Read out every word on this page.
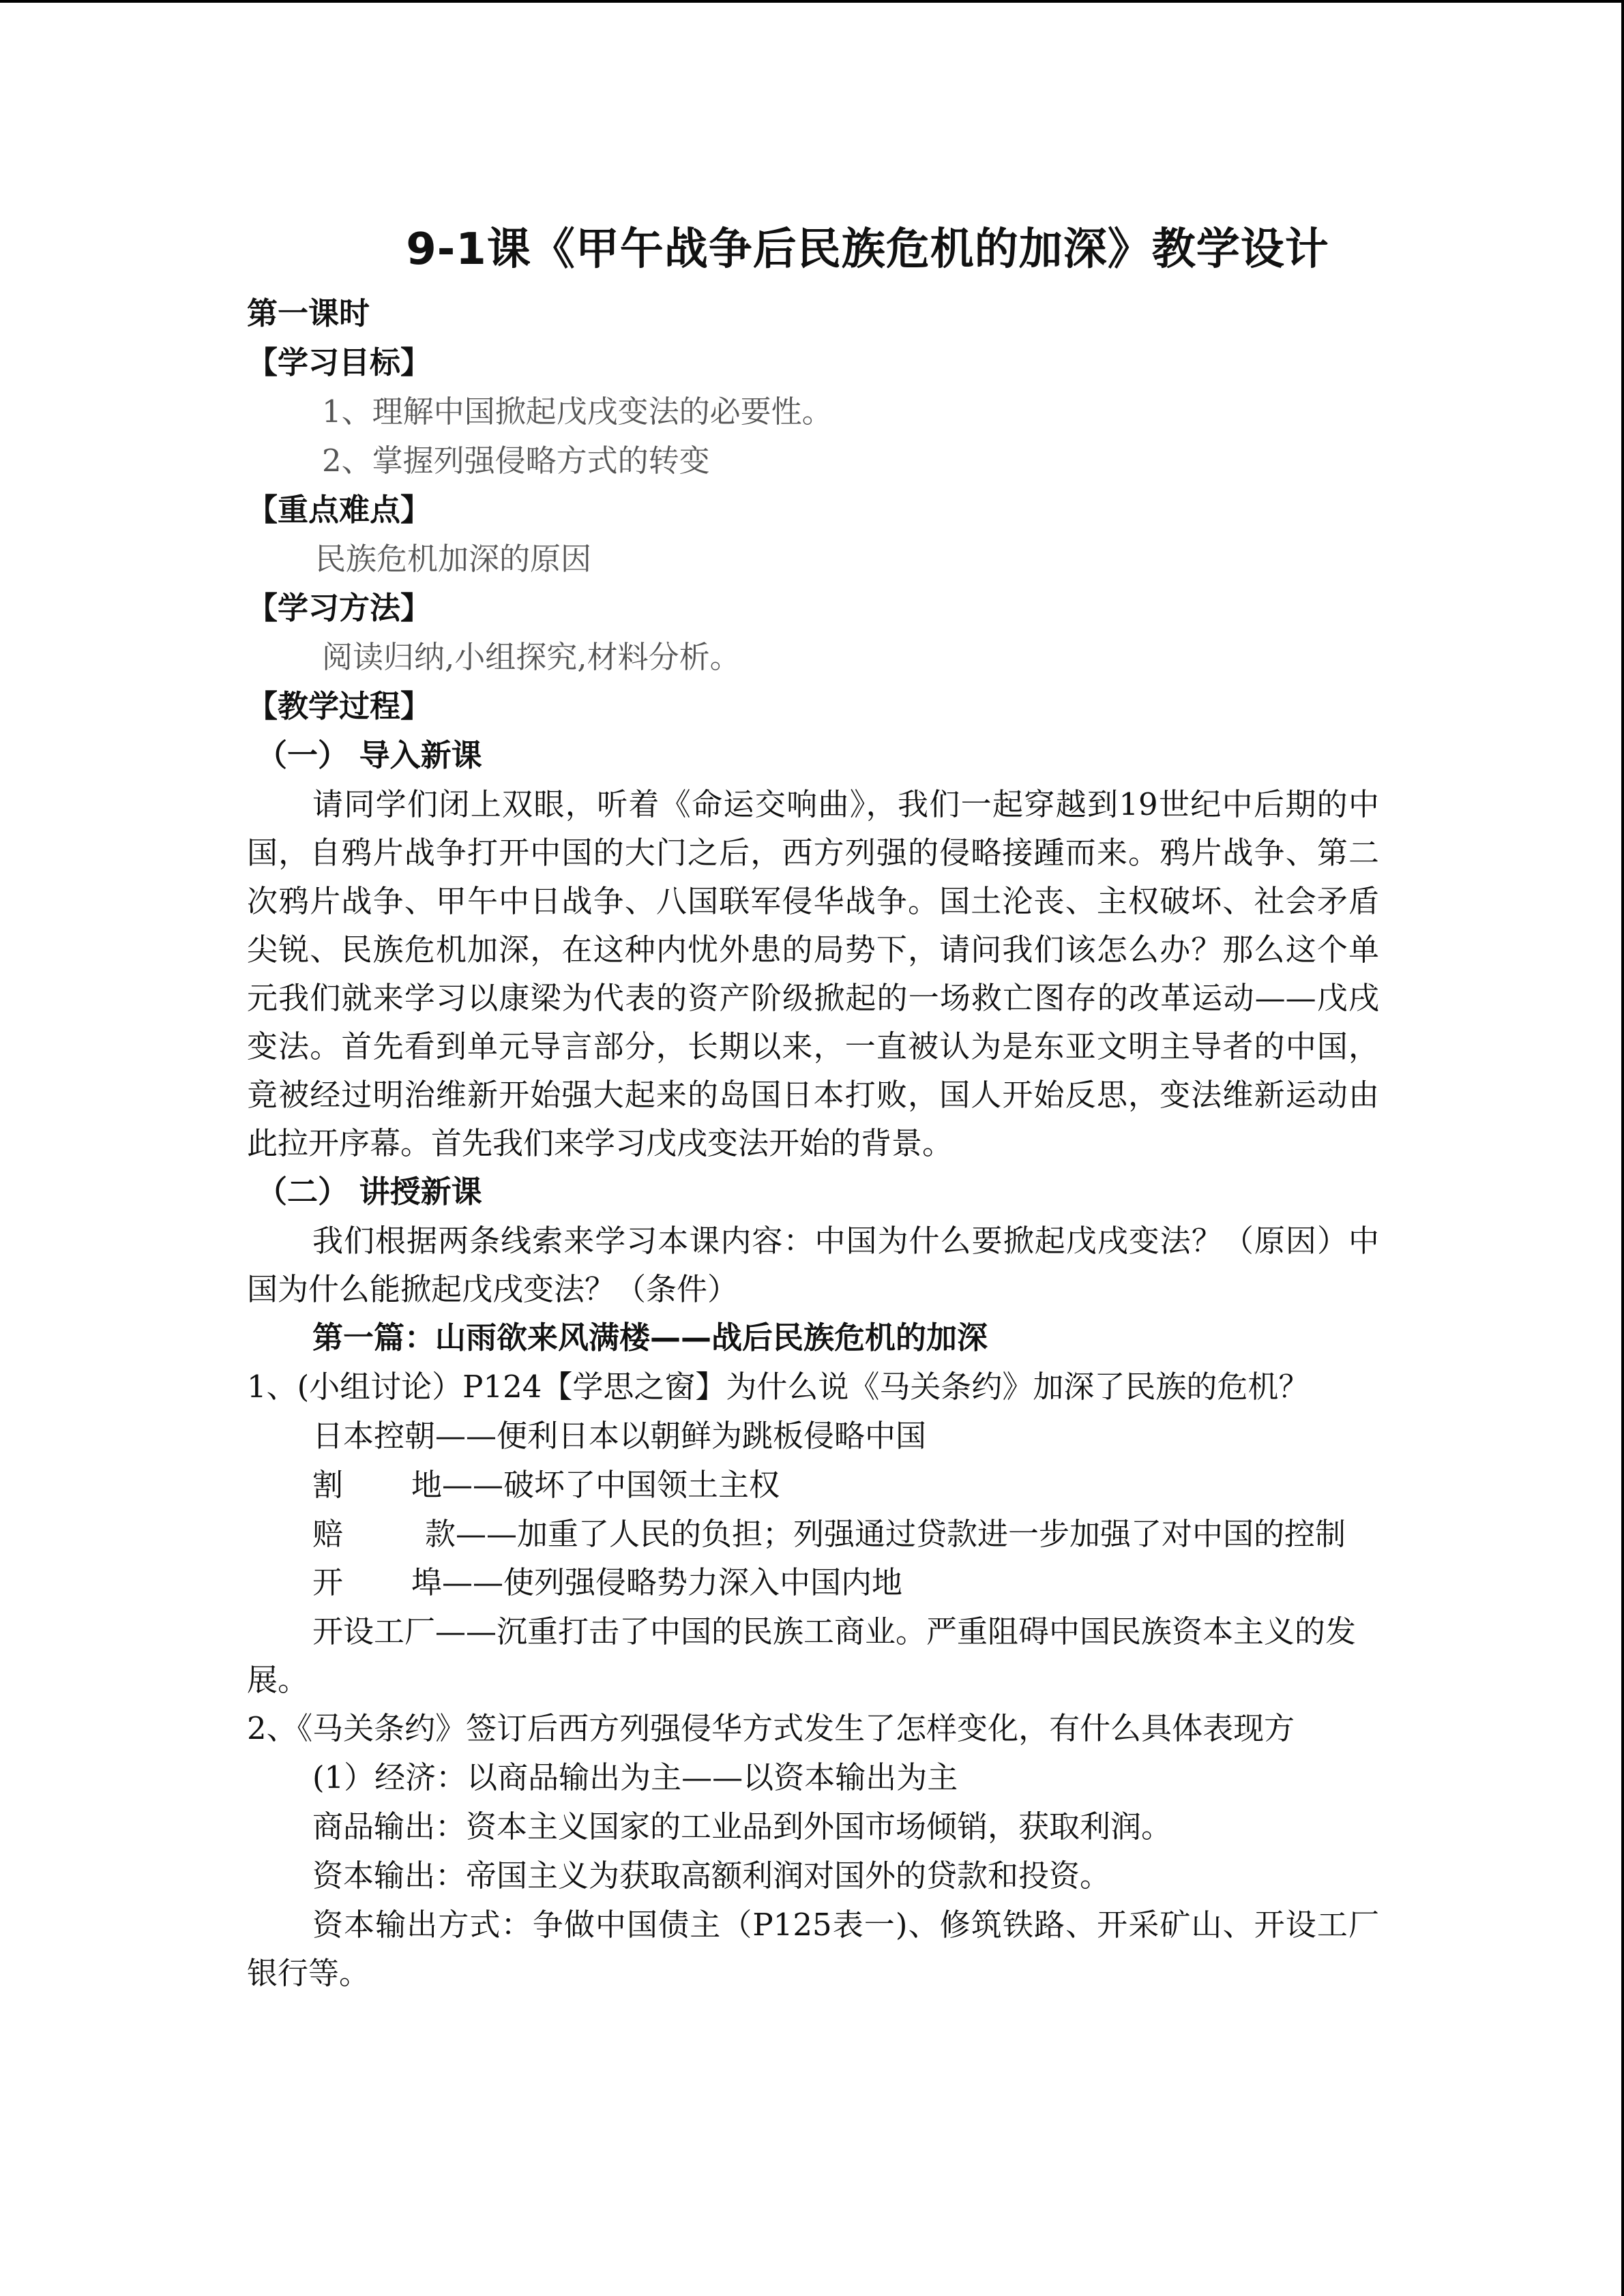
9-1课《甲午战争后民族危机的加深》教学设计
第一课时
【学习目标】
1、理解中国掀起戊戌变法的必要性。
2、掌握列强侵略方式的转变
【重点难点】
民族危机加深的原因
【学习方法】
阅读归纳,小组探究,材料分析。
【教学过程】
（一） 导入新课
请同学们闭上双眼，听着《命运交响曲》，我们一起穿越到19世纪中后期的中国，自鸦片战争打开中国的大门之后，西方列强的侵略接踵而来。鸦片战争、第二次鸦片战争、甲午中日战争、八国联军侵华战争。国土沦丧、主权破坏、社会矛盾尖锐、民族危机加深，在这种内忧外患的局势下，请问我们该怎么办？那么这个单元我们就来学习以康梁为代表的资产阶级掀起的一场救亡图存的改革运动——戊戌变法。首先看到单元导言部分，长期以来，一直被认为是东亚文明主导者的中国，竟被经过明治维新开始强大起来的岛国日本打败，国人开始反思，变法维新运动由此拉开序幕。首先我们来学习戊戌变法开始的背景。
（二） 讲授新课
我们根据两条线索来学习本课内容：中国为什么要掀起戊戌变法？（原因）中国为什么能掀起戊戌变法？（条件）
第一篇：山雨欲来风满楼——战后民族危机的加深
1、(小组讨论）P124【学思之窗】为什么说《马关条约》加深了民族的危机？
日本控朝——便利日本以朝鲜为跳板侵略中国
割 地——破坏了中国领土主权
赔	款——加重了人民的负担；列强通过贷款进一步加强了对中国的控制
开 埠——使列强侵略势力深入中国内地
开设工厂——沉重打击了中国的民族工商业。严重阻碍中国民族资本主义的发展。
2、《马关条约》签订后西方列强侵华方式发生了怎样变化，有什么具体表现方
(1）经济：以商品输出为主——以资本输出为主
商品输出：资本主义国家的工业品到外国市场倾销，获取利润。
资本输出：帝国主义为获取高额利润对国外的贷款和投资。
资本输出方式：争做中国债主（P125表一)、修筑铁路、开采矿山、开设工厂银行等。
